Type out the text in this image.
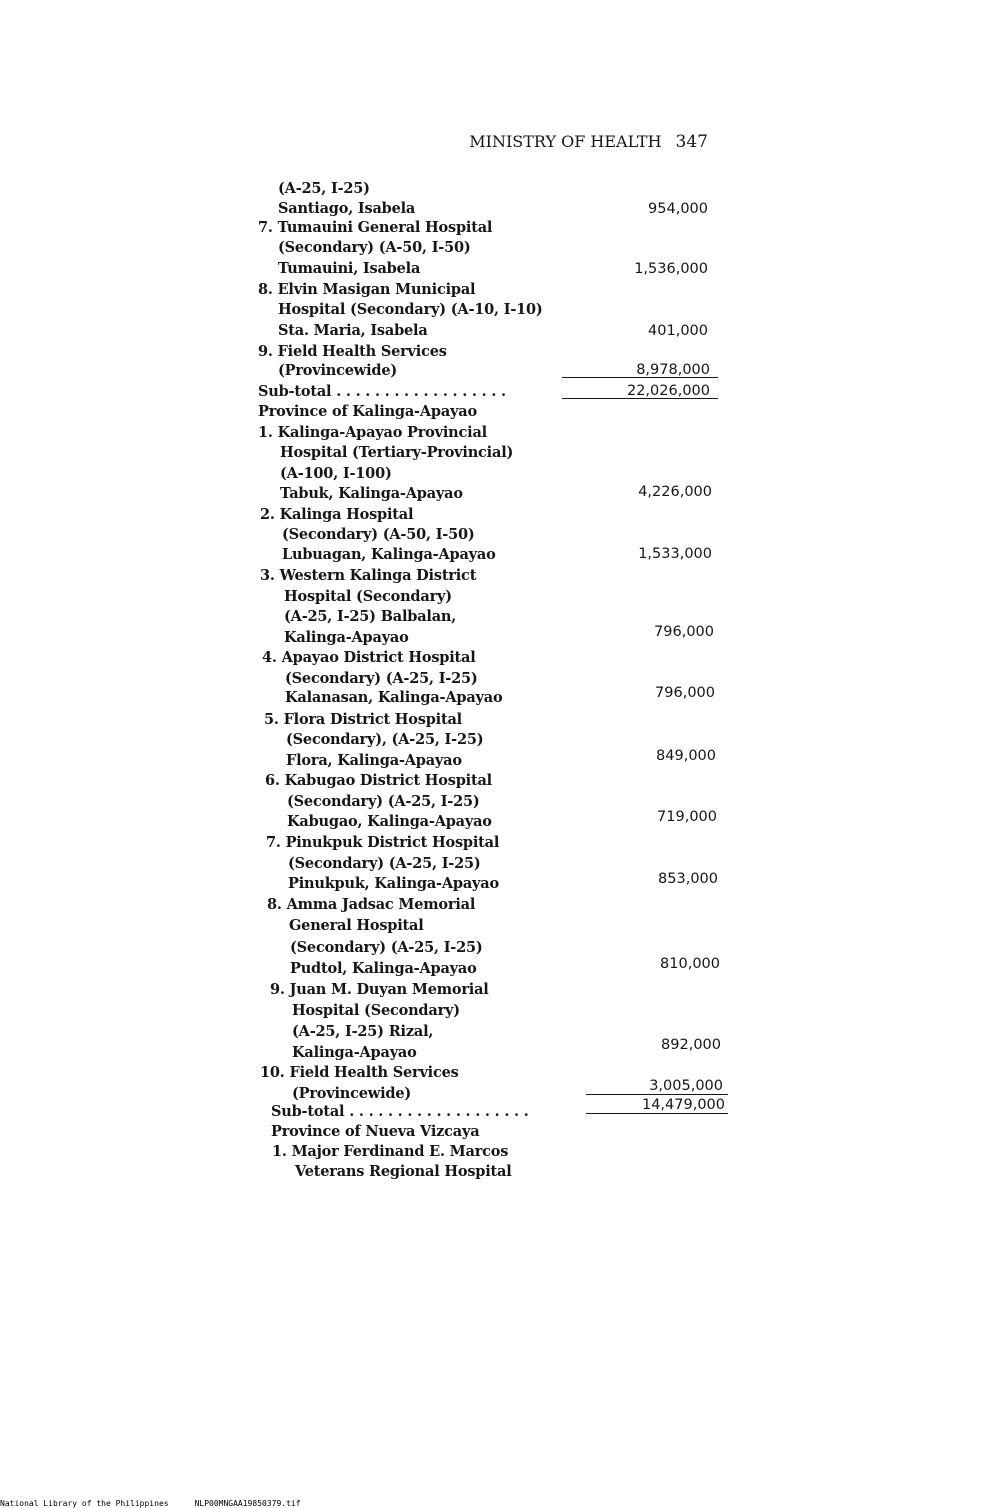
MINISTRY OF HEALTH 347
(A-25, I-25)
Santiago, Isabela
7. Tumauini General Hospital
(Secondary) (A-50, I-50)
Tumauini, Isabela
8. Elvin Masigan Municipal
Hospital (Secondary) (A-10, I-10)
Sta. Maria, Isabela
9. Field Health Services
(Provincewide)
Sub-total . . . . . . . . . . . . . . . . . .
Province of Kalinga-Apayao
1. Kalinga-Apayao Provincial
Hospital (Tertiary-Provincial)
(A-100, I-100)
Tabuk, Kalinga-Apayao
2. Kalinga Hospital
(Secondary) (A-50, I-50)
Lubuagan, Kalinga-Apayao
3. Western Kalinga District
Hospital (Secondary)
(A-25, I-25) Balbalan,
Kalinga-Apayao
4. Apayao District Hospital
(Secondary) (A-25, I-25)
Kalanasan, Kalinga-Apayao
5. Flora District Hospital
(Secondary), (A-25, I-25)
Flora, Kalinga-Apayao
6. Kabugao District Hospital
(Secondary) (A-25, I-25)
Kabugao, Kalinga-Apayao
7. Pinukpuk District Hospital
(Secondary) (A-25, I-25)
Pinukpuk, Kalinga-Apayao
8. Amma Jadsac Memorial
General Hospital
(Secondary) (A-25, I-25)
Pudtol, Kalinga-Apayao
9. Juan M. Duyan Memorial
Hospital (Secondary)
(A-25, I-25) Rizal,
Kalinga-Apayao
10. Field Health Services
(Provincewide)
Sub-total . . . . . . . . . . . . . . . . . . .
Province of Nueva Vizcaya
1. Major Ferdinand E. Marcos
Veterans Regional Hospital
954,000
1,536,000
401,000
8,978,000
22,026,000
4,226,000
1,533,000
796,000
796,000
849,000
719,000
853,000
810,000
892,000
3,005,000
14,479,000
National Library of the Philippines	NLP00MNGAA19850379.tif
